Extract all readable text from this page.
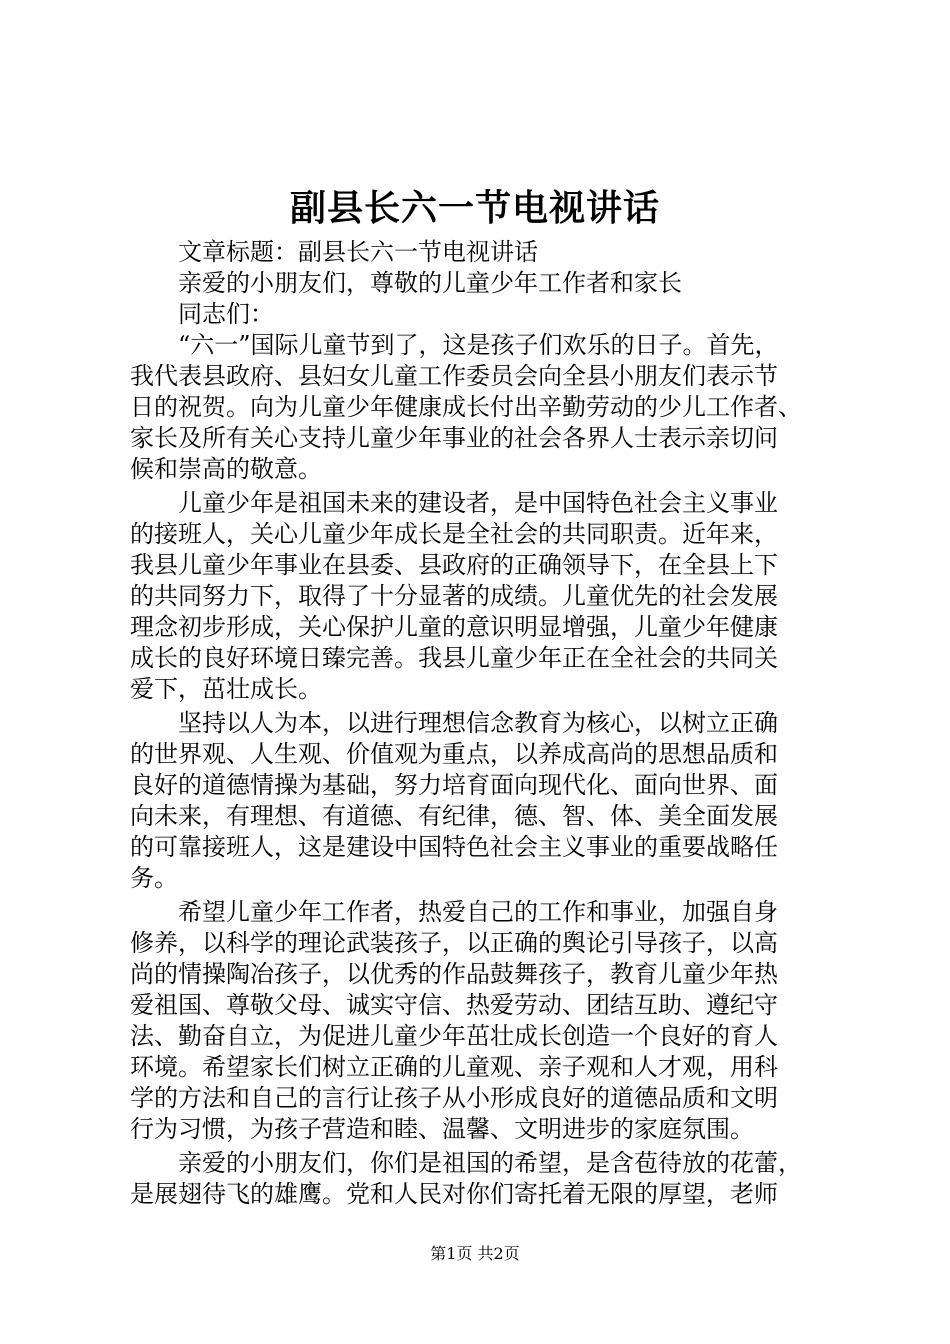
副县长六一节电视讲话
　　文章标题：副县长六一节电视讲话
　　亲爱的小朋友们，尊敬的儿童少年工作者和家长
　　同志们：
　　“六一”国际儿童节到了，这是孩子们欢乐的日子。首先，
我代表县政府、县妇女儿童工作委员会向全县小朋友们表示节
日的祝贺。向为儿童少年健康成长付出辛勤劳动的少儿工作者、
家长及所有关心支持儿童少年事业的社会各界人士表示亲切问
候和崇高的敬意。
　　儿童少年是祖国未来的建设者，是中国特色社会主义事业
的接班人，关心儿童少年成长是全社会的共同职责。近年来，
我县儿童少年事业在县委、县政府的正确领导下，在全县上下
的共同努力下，取得了十分显著的成绩。儿童优先的社会发展
理念初步形成，关心保护儿童的意识明显增强，儿童少年健康
成长的良好环境日臻完善。我县儿童少年正在全社会的共同关
爱下，茁壮成长。
　　坚持以人为本，以进行理想信念教育为核心，以树立正确
的世界观、人生观、价值观为重点，以养成高尚的思想品质和
良好的道德情操为基础，努力培育面向现代化、面向世界、面
向未来，有理想、有道德、有纪律，德、智、体、美全面发展
的可靠接班人，这是建设中国特色社会主义事业的重要战略任
务。
　　希望儿童少年工作者，热爱自己的工作和事业，加强自身
修养，以科学的理论武装孩子，以正确的舆论引导孩子，以高
尚的情操陶冶孩子，以优秀的作品鼓舞孩子，教育儿童少年热
爱祖国、尊敬父母、诚实守信、热爱劳动、团结互助、遵纪守
法、勤奋自立，为促进儿童少年茁壮成长创造一个良好的育人
环境。希望家长们树立正确的儿童观、亲子观和人才观，用科
学的方法和自己的言行让孩子从小形成良好的道德品质和文明
行为习惯，为孩子营造和睦、温馨、文明进步的家庭氛围。
　　亲爱的小朋友们，你们是祖国的希望，是含苞待放的花蕾，
是展翅待飞的雄鹰。党和人民对你们寄托着无限的厚望，老师
第1页 共2页
